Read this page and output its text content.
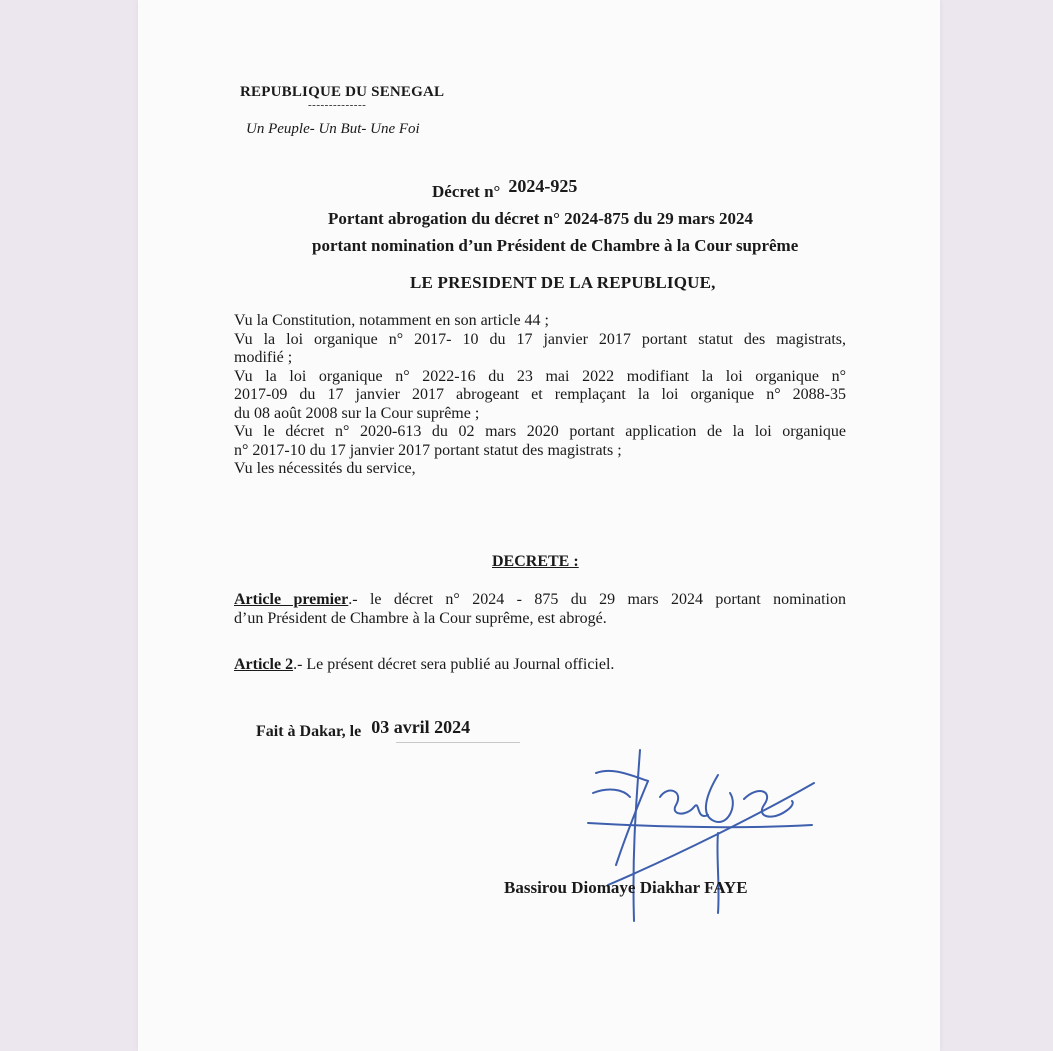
REPUBLIQUE DU SENEGAL
--------------
Un Peuple- Un But- Une Foi
Décret n° 2024-925
Portant abrogation du décret n° 2024-875 du 29 mars 2024
portant nomination d’un Président de Chambre à la Cour suprême
LE PRESIDENT DE LA REPUBLIQUE,

Vu la Constitution, notamment en son article 44 ;

Vu la loi organique n° 2017- 10 du 17 janvier 2017 portant statut des magistrats,

modifié ;

Vu la loi organique n° 2022-16 du 23 mai 2022 modifiant la loi organique n°

2017-09 du 17 janvier 2017 abrogeant et remplaçant la loi organique n° 2088-35

du 08 août 2008 sur la Cour suprême ;

Vu le décret n° 2020-613 du 02 mars 2020 portant application de la loi organique

n° 2017-10 du 17 janvier 2017 portant statut des magistrats ;

Vu les nécessités du service,

DECRETE :

Article premier.- le décret n° 2024 - 875 du 29 mars 2024 portant nomination

d’un Président de Chambre à la Cour suprême, est abrogé.

Article 2.- Le présent décret sera publié au Journal officiel.
Fait à Dakar, le 03 avril 2024
Bassirou Diomaye Diakhar FAYE
